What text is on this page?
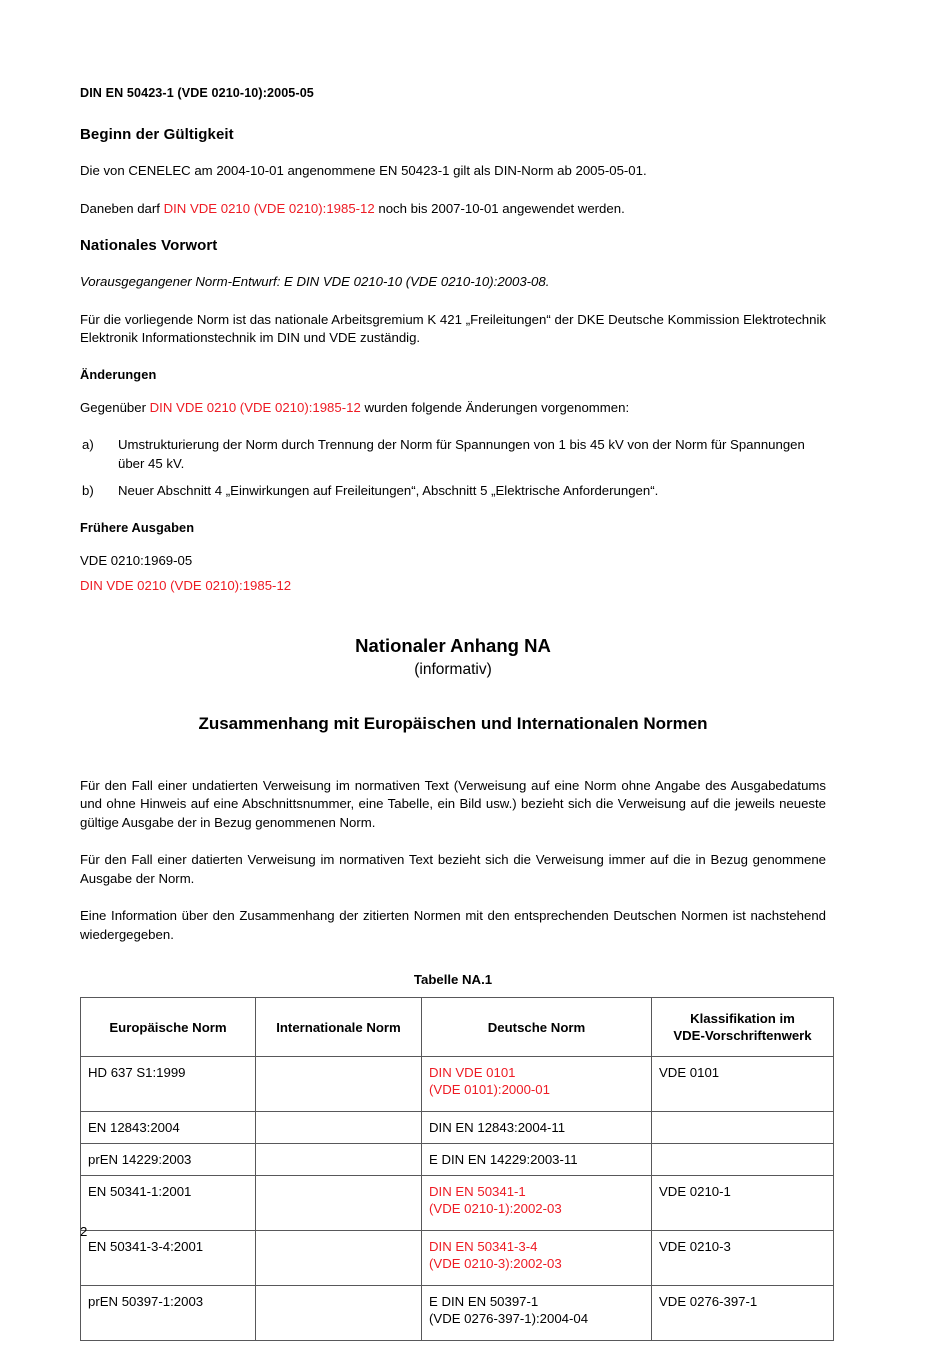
DIN EN 50423-1 (VDE 0210-10):2005-05
Beginn der Gültigkeit

Die von CENELEC am 2004-10-01 angenommene EN 50423-1 gilt als DIN-Norm ab 2005-05-01.

Daneben darf DIN VDE 0210 (VDE 0210):1985-12 noch bis 2007-10-01 angewendet werden.

Nationales Vorwort

Vorausgegangener Norm-Entwurf: E DIN VDE 0210-10 (VDE 0210-10):2003-08.

Für die vorliegende Norm ist das nationale Arbeitsgremium K 421 „Freileitungen“ der DKE Deutsche Kommission Elektrotechnik Elektronik Informationstechnik im DIN und VDE zuständig.

Änderungen

Gegenüber DIN VDE 0210 (VDE 0210):1985-12 wurden folgende Änderungen vorgenommen:

a) Umstrukturierung der Norm durch Trennung der Norm für Spannungen von 1 bis 45 kV von der Norm für Spannungen über 45 kV.
b) Neuer Abschnitt 4 „Einwirkungen auf Freileitungen“, Abschnitt 5 „Elektrische Anforderungen“.
Frühere Ausgaben

VDE 0210:1969-05

DIN VDE 0210 (VDE 0210):1985-12

Nationaler Anhang NA
(informativ)
Zusammenhang mit Europäischen und Internationalen Normen

Für den Fall einer undatierten Verweisung im normativen Text (Verweisung auf eine Norm ohne Angabe des Ausgabedatums und ohne Hinweis auf eine Abschnittsnummer, eine Tabelle, ein Bild usw.) bezieht sich die Verweisung auf die jeweils neueste gültige Ausgabe der in Bezug genommenen Norm.

Für den Fall einer datierten Verweisung im normativen Text bezieht sich die Verweisung immer auf die in Bezug genommene Ausgabe der Norm.

Eine Information über den Zusammenhang der zitierten Normen mit den entsprechenden Deutschen Normen ist nachstehend wiedergegeben.

Tabelle NA.1
Europäische Norm	Internationale Norm	Deutsche Norm	Klassifikation im
VDE-Vorschriftenwerk

HD 637 S1:1999		DIN VDE 0101
(VDE 0101):2000-01	VDE 0101
EN 12843:2004		DIN EN 12843:2004-11	

prEN 14229:2003		E DIN EN 14229:2003-11	

EN 50341-1:2001		DIN EN 50341-1
(VDE 0210-1):2002-03	VDE 0210-1
EN 50341-3-4:2001		DIN EN 50341-3-4
(VDE 0210-3):2002-03	VDE 0210-3
prEN 50397-1:2003		E DIN EN 50397-1
(VDE 0276-397-1):2004-04	VDE 0276-397-1
2
